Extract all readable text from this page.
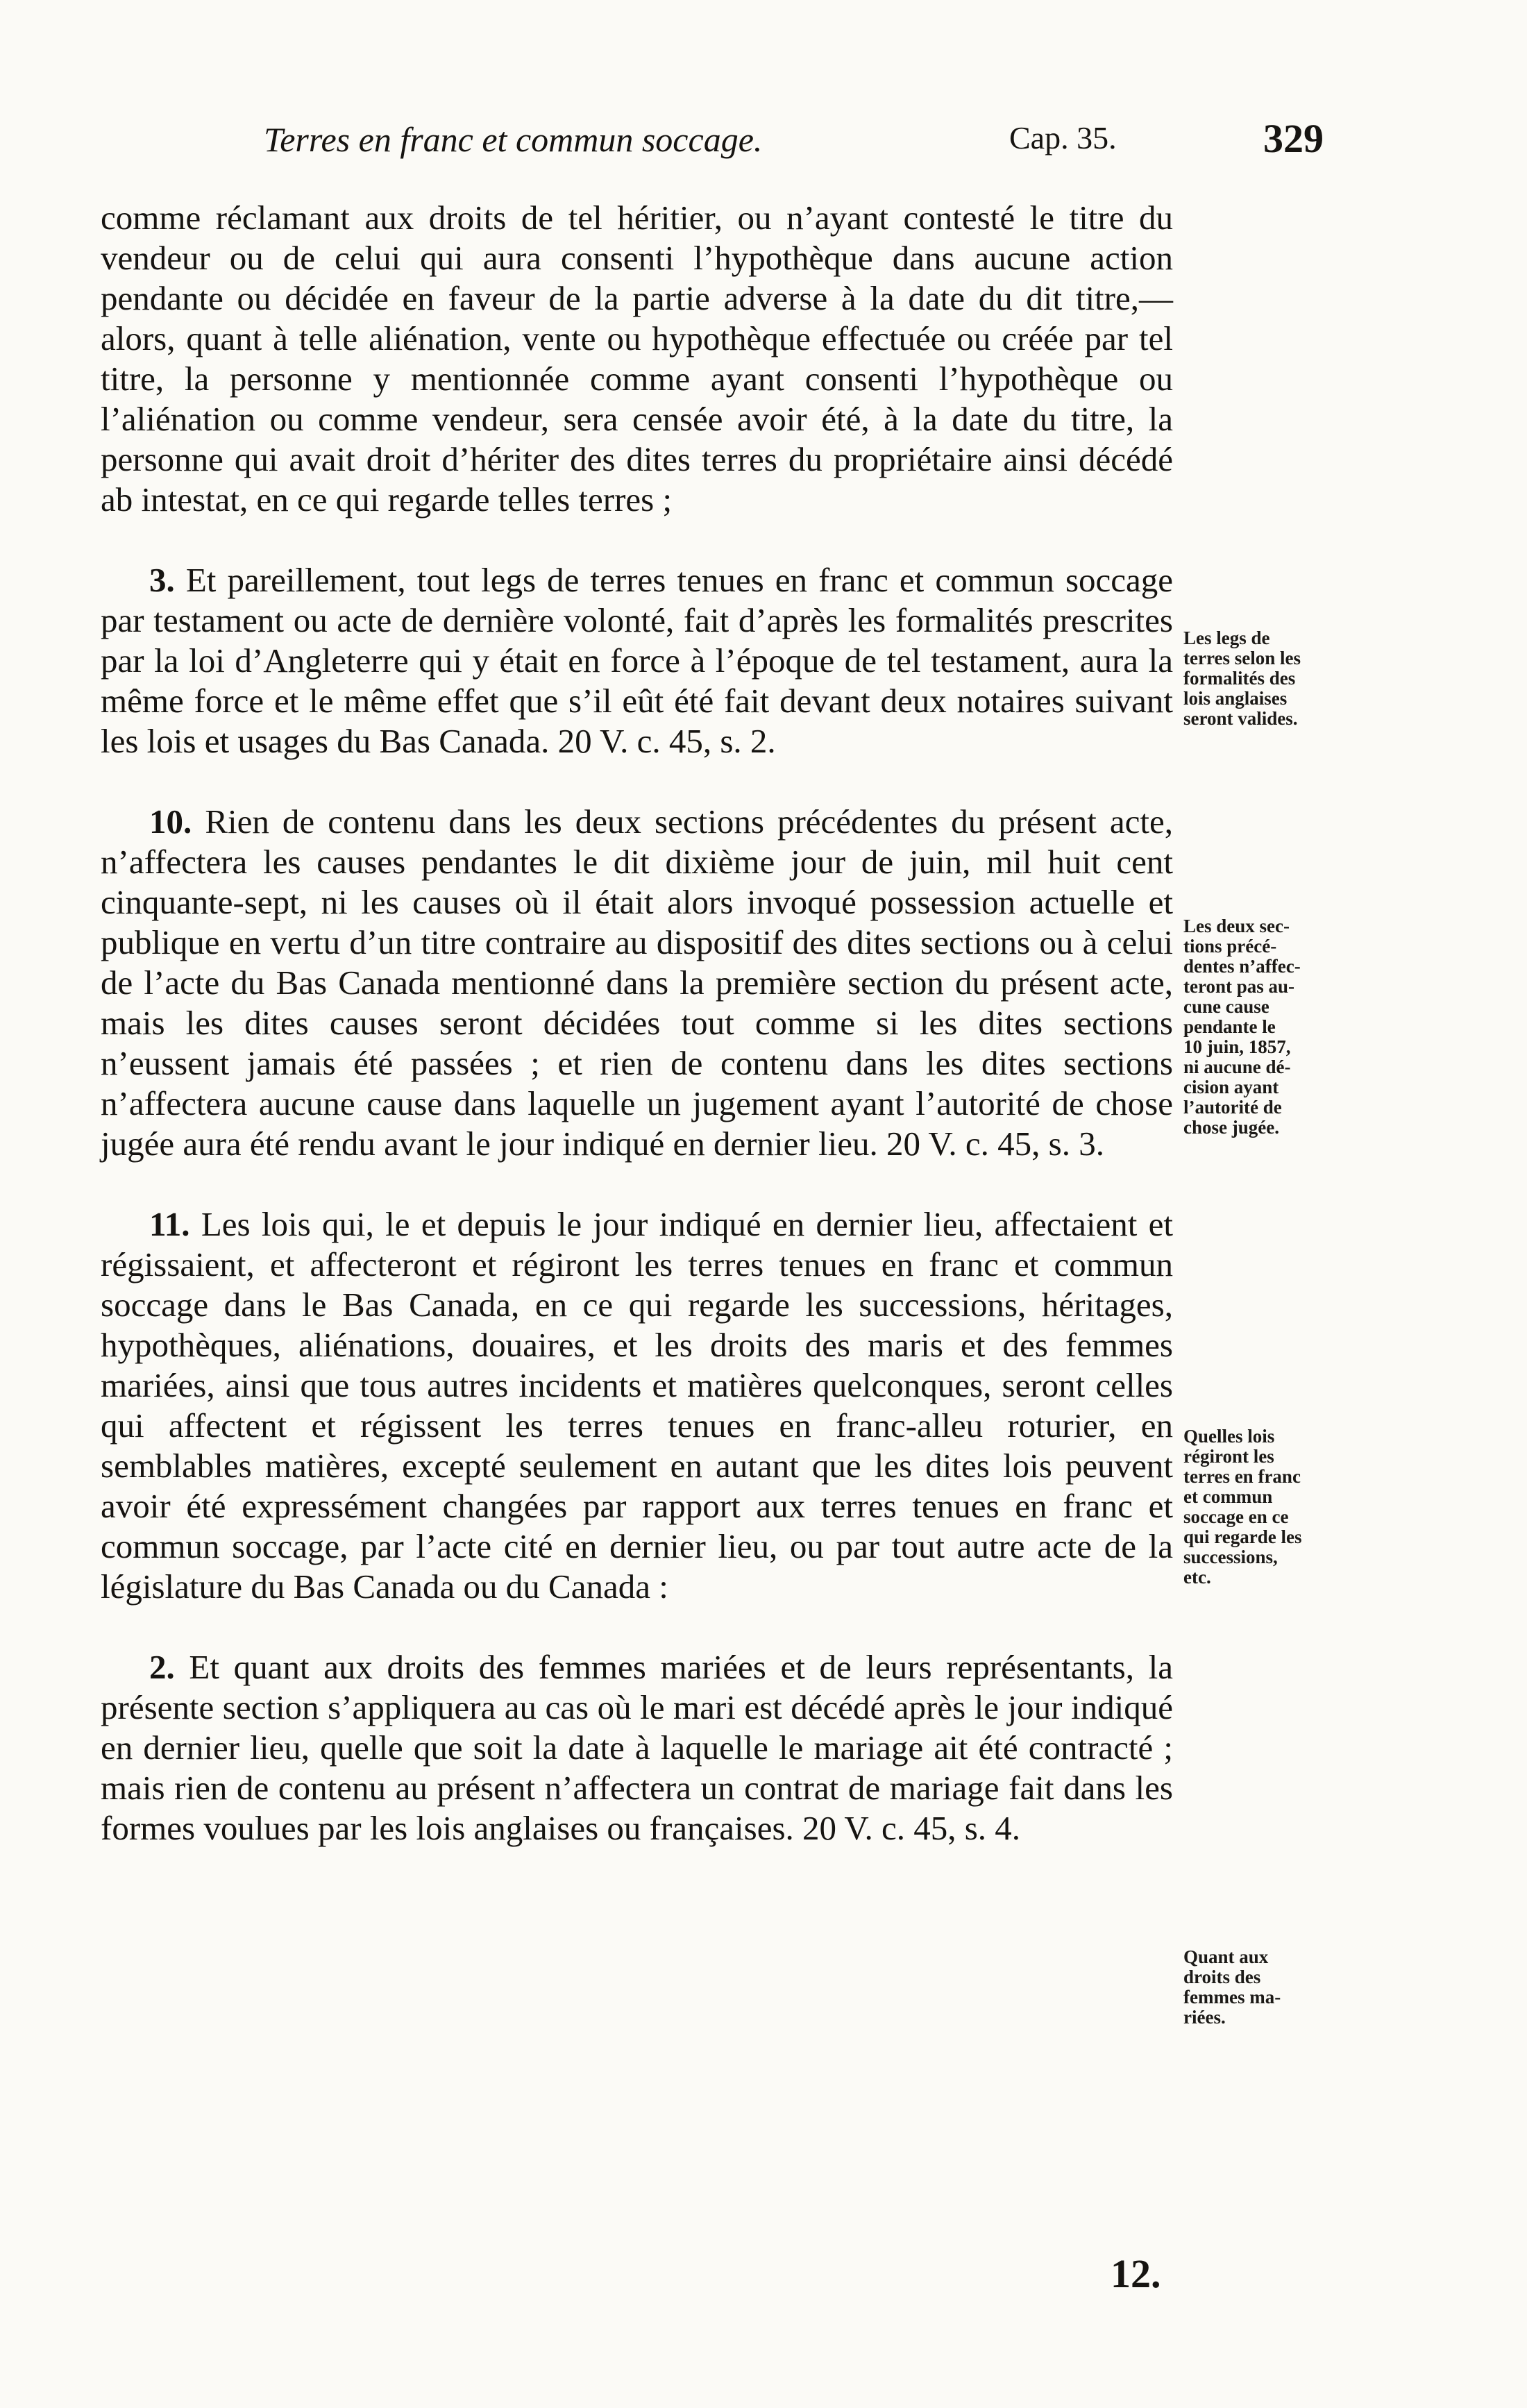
Terres en franc et commun soccage.	Cap. 35.	329

comme réclamant aux droits de tel héritier, ou n’ayant contesté le titre du vendeur ou de celui qui aura consenti l’hypothèque dans aucune action pendante ou décidée en faveur de la partie adverse à la date du dit titre,—alors, quant à telle aliénation, vente ou hypothèque effectuée ou créée par tel titre, la personne y mentionnée comme ayant consenti l’hypothèque ou l’aliénation ou comme vendeur, sera censée avoir été, à la date du titre, la personne qui avait droit d’hériter des dites terres du propriétaire ainsi décédé ab intestat, en ce qui regarde telles terres ;

3. Et pareillement, tout legs de terres tenues en franc et commun soccage par testament ou acte de dernière volonté, fait d’après les formalités prescrites par la loi d’Angleterre qui y était en force à l’époque de tel testament, aura la même force et le même effet que s’il eût été fait devant deux notaires suivant les lois et usages du Bas Canada. 20 V. c. 45, s. 2.

10. Rien de contenu dans les deux sections précédentes du présent acte, n’affectera les causes pendantes le dit dixième jour de juin, mil huit cent cinquante-sept, ni les causes où il était alors invoqué possession actuelle et publique en vertu d’un titre contraire au dispositif des dites sections ou à celui de l’acte du Bas Canada mentionné dans la première section du présent acte, mais les dites causes seront décidées tout comme si les dites sections n’eussent jamais été passées ; et rien de contenu dans les dites sections n’affectera aucune cause dans laquelle un jugement ayant l’autorité de chose jugée aura été rendu avant le jour indiqué en dernier lieu. 20 V. c. 45, s. 3.

11. Les lois qui, le et depuis le jour indiqué en dernier lieu, affectaient et régissaient, et affecteront et régiront les terres tenues en franc et commun soccage dans le Bas Canada, en ce qui regarde les successions, héritages, hypothèques, aliénations, douaires, et les droits des maris et des femmes mariées, ainsi que tous autres incidents et matières quelconques, seront celles qui affectent et régissent les terres tenues en franc-alleu roturier, en semblables matières, excepté seulement en autant que les dites lois peuvent avoir été expressément changées par rapport aux terres tenues en franc et commun soccage, par l’acte cité en dernier lieu, ou par tout autre acte de la législature du Bas Canada ou du Canada :

2. Et quant aux droits des femmes mariées et de leurs représentants, la présente section s’appliquera au cas où le mari est décédé après le jour indiqué en dernier lieu, quelle que soit la date à laquelle le mariage ait été contracté ; mais rien de contenu au présent n’affectera un contrat de mariage fait dans les formes voulues par les lois anglaises ou françaises. 20 V. c. 45, s. 4.

Les legs de
terres selon les
formalités des
lois anglaises
seront valides.
Les deux sec-
tions précé-
dentes n’affec-
teront pas au-
cune cause
pendante le
10 juin, 1857,
ni aucune dé-
cision ayant
l’autorité de
chose jugée.
Quelles lois
régiront les
terres en franc
et commun
soccage en ce
qui regarde les
successions,
etc.
Quant aux
droits des
femmes ma-
riées.
12.
